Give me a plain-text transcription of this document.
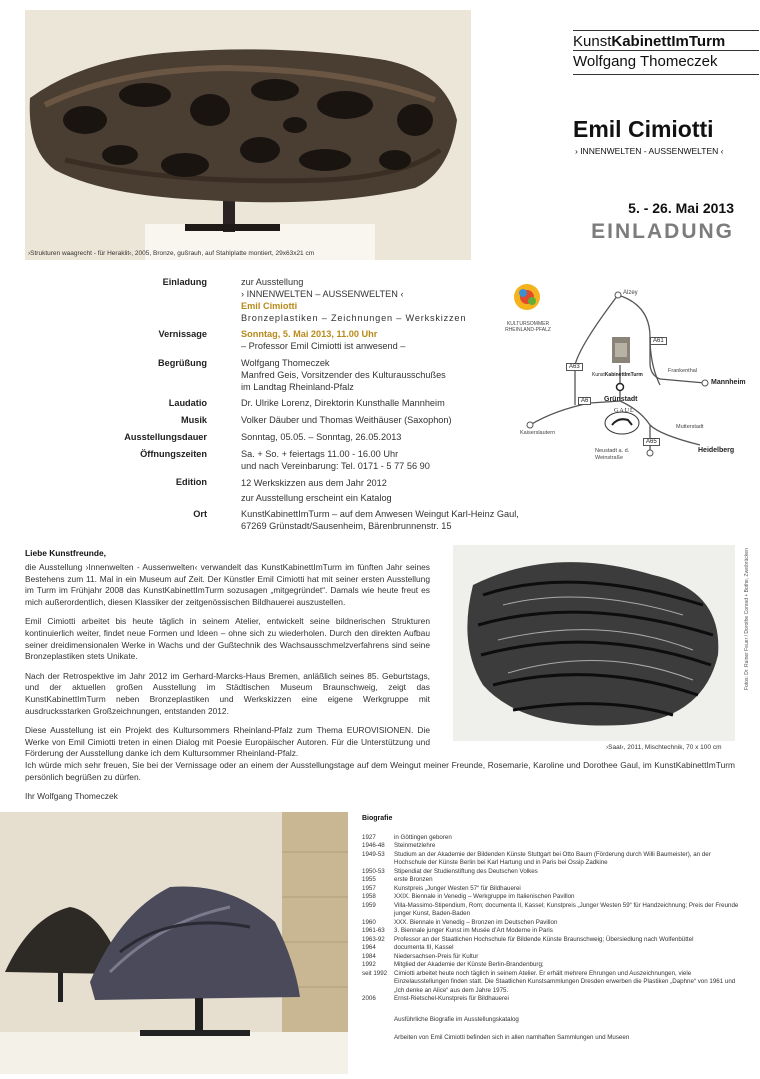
›Strukturen waagrecht - für Heraklit‹, 2005, Bronze, gußrauh, auf Stahlplatte montiert, 29x63x21 cm
KunstKabinettImTurm
Wolfgang Thomeczek
Emil Cimiotti
› INNENWELTEN - AUSSENWELTEN ‹
5. - 26. Mai 2013
EINLADUNG
Einladung	zur Ausstellung
› INNENWELTEN – AUSSENWELTEN ‹
Emil Cimiotti
Bronzeplastiken – Zeichnungen – Werkskizzen
Vernissage	Sonntag, 5. Mai 2013, 11.00 Uhr
– Professor Emil Cimiotti ist anwesend –
Begrüßung	Wolfgang Thomeczek
Manfred Geis, Vorsitzender des Kulturausschußes
im Landtag Rheinland-Pfalz
Laudatio	Dr. Ulrike Lorenz, Direktorin Kunsthalle Mannheim
Musik	Volker Däuber und Thomas Weithäuser (Saxophon)
Ausstellungsdauer	Sonntag, 05.05. – Sonntag, 26.05.2013
Öffnungszeiten	Sa. + So. + feiertags 11.00 - 16.00 Uhr
und nach Vereinbarung: Tel. 0171 - 5 77 56 90
Edition	12 Werkskizzen aus dem Jahr 2012
zur Ausstellung erscheint ein Katalog
Ort	KunstKabinettImTurm – auf dem Anwesen Weingut Karl-Heinz Gaul,
67269 Grünstadt/Sausenheim, Bärenbrunnenstr. 15
KULTURSOMMER
RHEINLAND-PFALZ
Alzey
A61
A63
A6
A65
Frankenthal
Mannheim
KunstKabinettImTurm
Grünstadt
GAUL
Kaiserslautern
Mutterstadt
Neustadt a. d.
Weinstraße
Heidelberg

Liebe Kunstfreunde,

die Ausstellung ›Innenwelten - Aussenwelten‹ verwandelt das KunstKabinettImTurm im fünften Jahr seines Bestehens zum 11. Mal in ein Museum auf Zeit. Der Künstler Emil Cimiotti hat mit seiner ersten Ausstellung im Turm im Frühjahr 2008 das KunstKabinettImTurm sozusagen „mitgegründet“. Damals wie heute freut es mich außerordentlich, diesen Klassiker der zeitgenössischen Bildhauerei auszustellen.

Emil Cimiotti arbeitet bis heute täglich in seinem Atelier, entwickelt seine bildnerischen Strukturen kontinuierlich weiter, findet neue Formen und Ideen – ohne sich zu wiederholen. Durch den direkten Aufbau seiner dreidimensionalen Werke in Wachs und der Gußtechnik des Wachsausschmelzverfahrens sind seine Bronzeplastiken stets Unikate.

Nach der Retrospektive im Jahr 2012 im Gerhard-Marcks-Haus Bremen, anläßlich seines 85. Geburtstags, und der aktuellen großen Ausstellung im Städtischen Museum Braunschweig, zeigt das KunstKabinettImTurm neben Bronzeplastiken und Werkskizzen eine eigene Werkgruppe mit ausdrucksstarken Großzeichnungen, entstanden 2012.

Diese Ausstellung ist ein Projekt des Kultursommers Rheinland-Pfalz zum Thema EUROVISIONEN. Die Werke von Emil Cimiotti treten in einen Dialog mit Poesie Europäischer Autoren. Für die Unterstützung und Förderung der Ausstellung danke ich dem Kultursommer Rheinland-Pfalz.

Ich würde mich sehr freuen, Sie bei der Vernissage oder an einem der Ausstellungstage auf dem Weingut meiner Freunde, Rosemarie, Karoline und Dorothee Gaul, im KunstKabinettImTurm persönlich begrüßen zu dürfen.

Ihr Wolfgang Thomeczek

›Saat‹, 2011, Mischtechnik, 70 x 100 cm
Fotos: Dr. Rainer Feuer / Dorothe Conrad + Bothe, Zweibrücken
Biografie
1927	in Göttingen geboren
1946-48	Steinmetzlehre
1949-53	Studium an der Akademie der Bildenden Künste Stuttgart bei Otto Baum (Förderung durch Willi Baumeister), an der Hochschule der Künste Berlin bei Karl Hartung und in Paris bei Ossip Zadkine
1950-53	Stipendiat der Studienstiftung des Deutschen Volkes
1955	erste Bronzen
1957	Kunstpreis „Junger Westen 57“ für Bildhauerei
1958	XXIX. Biennale in Venedig – Werkgruppe im Italienischen Pavillon
1959	Villa-Massimo-Stipendium, Rom; documenta II, Kassel; Kunstpreis „Junger Westen 59“ für Handzeichnung; Preis der Freunde junger Kunst, Baden-Baden
1960	XXX. Biennale in Venedig – Bronzen im Deutschen Pavillon
1961-63	3. Biennale junger Kunst im Musée d’Art Moderne in Paris
1963-92	Professor an der Staatlichen Hochschule für Bildende Künste Braunschweig; Übersiedlung nach Wolfenbüttel
1964	documenta III, Kassel
1984	Niedersachsen-Preis für Kultur
1992	Mitglied der Akademie der Künste Berlin-Brandenburg;
seit 1992	Cimiotti arbeitet heute noch täglich in seinem Atelier. Er erhält mehrere Ehrungen und Auszeichnungen, viele Einzelausstellungen finden statt. Die Staatlichen Kunstsammlungen Dresden erwerben die Plastiken „Daphne“ von 1961 und „Ich denke an Alice“ aus dem Jahre 1975.
2006	Ernst-Rietschel-Kunstpreis für Bildhauerei
Ausführliche Biografie im Ausstellungskatalog
Arbeiten von Emil Cimiotti befinden sich in allen namhaften Sammlungen und Museen
